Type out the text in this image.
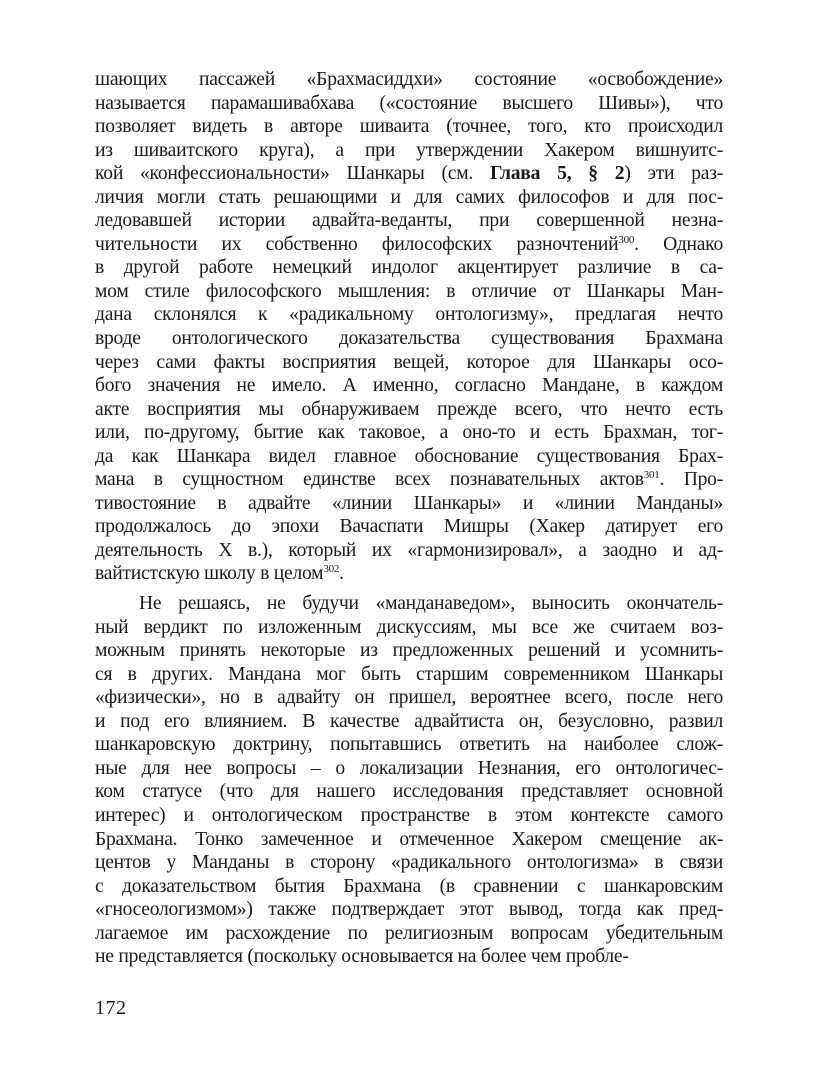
шающих пассажей «Брахмасиддхи» состояние «освобождение»
называется парамашивабхава («состояние высшего Шивы»), что
позволяет видеть в авторе шиваита (точнее, того, кто происходил
из шиваитского круга), а при утверждении Хакером вишнуитс-
кой «конфессиональности» Шанкары (см. Глава 5, § 2) эти раз-
личия могли стать решающими и для самих философов и для пос-
ледовавшей истории адвайта-веданты, при совершенной незна-
чительности их собственно философских разночтений$^{300}$. Однако
в другой работе немецкий индолог акцентирует различие в са-
мом стиле философского мышления: в отличие от Шанкары Ман-
дана склонялся к «радикальному онтологизму», предлагая нечто
вроде онтологического доказательства существования Брахмана
через сами факты восприятия вещей, которое для Шанкары осо-
бого значения не имело. А именно, согласно Мандане, в каждом
акте восприятия мы обнаруживаем прежде всего, что нечто есть
или, по-другому, бытие как таковое, а оно-то и есть Брахман, тог-
да как Шанкара видел главное обоснование существования Брах-
мана в сущностном единстве всех познавательных актов$^{301}$. Про-
тивостояние в адвайте «линии Шанкары» и «линии Манданы»
продолжалось до эпохи Вачаспати Мишры (Хакер датирует его
деятельность X в.), который их «гармонизировал», а заодно и ад-
вайтистскую школу в целом$^{302}$.
Не решаясь, не будучи «манданаведом», выносить окончатель-
ный вердикт по изложенным дискуссиям, мы все же считаем воз-
можным принять некоторые из предложенных решений и усомнить-
ся в других. Мандана мог быть старшим современником Шанкары
«физически», но в адвайту он пришел, вероятнее всего, после него
и под его влиянием. В качестве адвайтиста он, безусловно, развил
шанкаровскую доктрину, попытавшись ответить на наиболее слож-
ные для нее вопросы – о локализации Незнания, его онтологичес-
ком статусе (что для нашего исследования представляет основной
интерес) и онтологическом пространстве в этом контексте самого
Брахмана. Тонко замеченное и отмеченное Хакером смещение ак-
центов у Манданы в сторону «радикального онтологизма» в связи
с доказательством бытия Брахмана (в сравнении с шанкаровским
«гносеологизмом») также подтверждает этот вывод, тогда как пред-
лагаемое им расхождение по религиозным вопросам убедительным
не представляется (поскольку основывается на более чем пробле-
172
